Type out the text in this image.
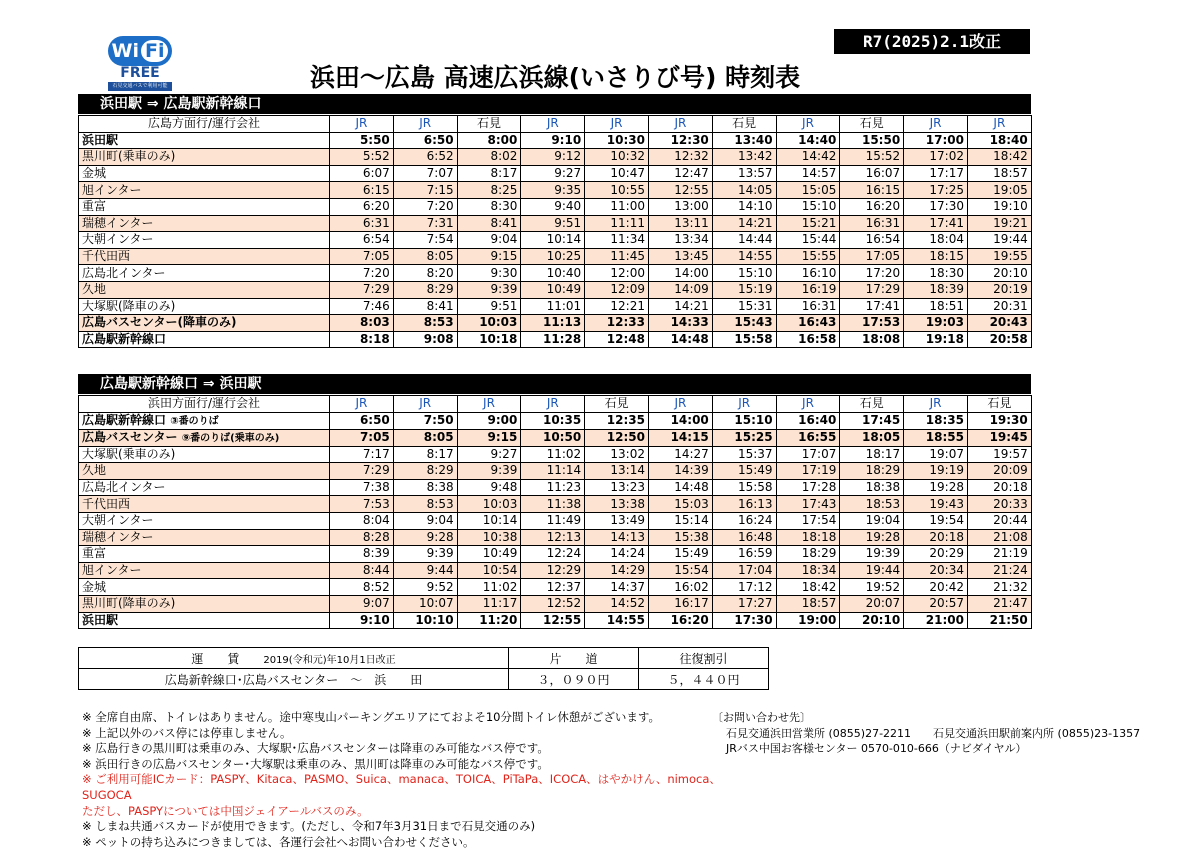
R7(2025)2.1改正
Wi Fi
FREE
石見交通バスで利用可能	浜田～広島 高速広浜線(いさりび号) 時刻表
浜田駅 ⇒ 広島駅新幹線口
広島方面行/運行会社	JR	JR	石見	JR	JR	JR	石見	JR	石見	JR	JR
浜田駅	5:50	6:50	8:00	9:10	10:30	12:30	13:40	14:40	15:50	17:00	18:40
黒川町(乗車のみ)	5:52	6:52	8:02	9:12	10:32	12:32	13:42	14:42	15:52	17:02	18:42
金城	6:07	7:07	8:17	9:27	10:47	12:47	13:57	14:57	16:07	17:17	18:57
旭インター	6:15	7:15	8:25	9:35	10:55	12:55	14:05	15:05	16:15	17:25	19:05
重富	6:20	7:20	8:30	9:40	11:00	13:00	14:10	15:10	16:20	17:30	19:10
瑞穂インター	6:31	7:31	8:41	9:51	11:11	13:11	14:21	15:21	16:31	17:41	19:21
大朝インター	6:54	7:54	9:04	10:14	11:34	13:34	14:44	15:44	16:54	18:04	19:44
千代田西	7:05	8:05	9:15	10:25	11:45	13:45	14:55	15:55	17:05	18:15	19:55
広島北インター	7:20	8:20	9:30	10:40	12:00	14:00	15:10	16:10	17:20	18:30	20:10
久地	7:29	8:29	9:39	10:49	12:09	14:09	15:19	16:19	17:29	18:39	20:19
大塚駅(降車のみ)	7:46	8:41	9:51	11:01	12:21	14:21	15:31	16:31	17:41	18:51	20:31
広島バスセンター(降車のみ)	8:03	8:53	10:03	11:13	12:33	14:33	15:43	16:43	17:53	19:03	20:43
広島駅新幹線口	8:18	9:08	10:18	11:28	12:48	14:48	15:58	16:58	18:08	19:18	20:58
広島駅新幹線口 ⇒ 浜田駅
浜田方面行/運行会社	JR	JR	JR	JR	石見	JR	JR	JR	石見	JR	石見
広島駅新幹線口 ③番のりば	6:50	7:50	9:00	10:35	12:35	14:00	15:10	16:40	17:45	18:35	19:30
広島バスセンター ⑨番のりば(乗車のみ)	7:05	8:05	9:15	10:50	12:50	14:15	15:25	16:55	18:05	18:55	19:45
大塚駅(乗車のみ)	7:17	8:17	9:27	11:02	13:02	14:27	15:37	17:07	18:17	19:07	19:57
久地	7:29	8:29	9:39	11:14	13:14	14:39	15:49	17:19	18:29	19:19	20:09
広島北インター	7:38	8:38	9:48	11:23	13:23	14:48	15:58	17:28	18:38	19:28	20:18
千代田西	7:53	8:53	10:03	11:38	13:38	15:03	16:13	17:43	18:53	19:43	20:33
大朝インター	8:04	9:04	10:14	11:49	13:49	15:14	16:24	17:54	19:04	19:54	20:44
瑞穂インター	8:28	9:28	10:38	12:13	14:13	15:38	16:48	18:18	19:28	20:18	21:08
重富	8:39	9:39	10:49	12:24	14:24	15:49	16:59	18:29	19:39	20:29	21:19
旭インター	8:44	9:44	10:54	12:29	14:29	15:54	17:04	18:34	19:44	20:34	21:24
金城	8:52	9:52	11:02	12:37	14:37	16:02	17:12	18:42	19:52	20:42	21:32
黒川町(降車のみ)	9:07	10:07	11:17	12:52	14:52	16:17	17:27	18:57	20:07	20:57	21:47
浜田駅	9:10	10:10	11:20	12:55	14:55	16:20	17:30	19:00	20:10	21:00	21:50
運　　賃　　 2019(令和元)年10月1日改正	片　　道	往復割引
広島新幹線口･広島バスセンター　～　浜　　田	３，０９０円	５，４４０円
※ 全席自由席、トイレはありません。途中寒曳山パーキングエリアにておよそ10分間トイレ休憩がございます。
※ 上記以外のバス停には停車しません。
※ 広島行きの黒川町は乗車のみ、大塚駅･広島バスセンターは降車のみ可能なバス停です。
※ 浜田行きの広島バスセンター･大塚駅は乗車のみ、黒川町は降車のみ可能なバス停です。
※ ご利用可能ICカード：PASPY、Kitaca、PASMO、Suica、manaca、TOICA、PiTaPa、ICOCA、はやかけん、nimoca、SUGOCA
ただし、PASPYについては中国ジェイアールバスのみ。
※ しまね共通バスカードが使用できます。(ただし、令和7年3月31日まで石見交通のみ)
※ ペットの持ち込みにつきましては、各運行会社へお問い合わせください。
〔お問い合わせ先〕
石見交通浜田営業所 (0855)27-2211　　石見交通浜田駅前案内所 (0855)23-1357
JRバス中国お客様センター 0570-010-666（ナビダイヤル）
